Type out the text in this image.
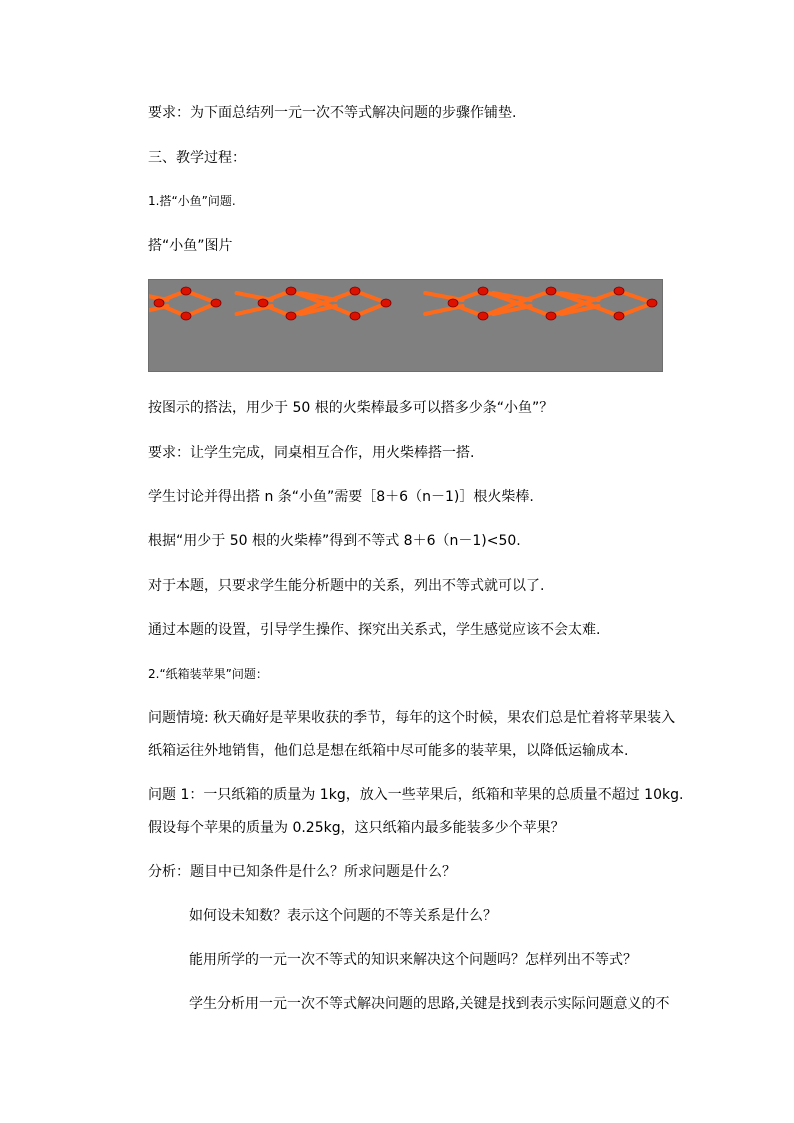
要求：为下面总结列一元一次不等式解决问题的步骤作铺垫.

三、教学过程：

1.搭“小鱼”问题.

搭“小鱼”图片

按图示的搭法，用少于 50 根的火柴棒最多可以搭多少条“小鱼”？

要求：让学生完成，同桌相互合作，用火柴棒搭一搭.

学生讨论并得出搭 n 条“小鱼”需要［8＋6（n－1)］根火柴棒.

根据“用少于 50 根的火柴棒”得到不等式 8＋6（n－1)<50.

对于本题，只要求学生能分析题中的关系，列出不等式就可以了.

通过本题的设置，引导学生操作、探究出关系式，学生感觉应该不会太难.

2.“纸箱装苹果”问题：

问题情境: 秋天确好是苹果收获的季节，每年的这个时候，果农们总是忙着将苹果装入

纸箱运往外地销售，他们总是想在纸箱中尽可能多的装苹果，以降低运输成本.

问题 1：一只纸箱的质量为 1kg，放入一些苹果后，纸箱和苹果的总质量不超过 10kg.

假设每个苹果的质量为 0.25kg，这只纸箱内最多能装多少个苹果？

分析：题目中已知条件是什么？所求问题是什么？

如何设未知数？表示这个问题的不等关系是什么？

能用所学的一元一次不等式的知识来解决这个问题吗？怎样列出不等式？

学生分析用一元一次不等式解决问题的思路,关键是找到表示实际问题意义的不
